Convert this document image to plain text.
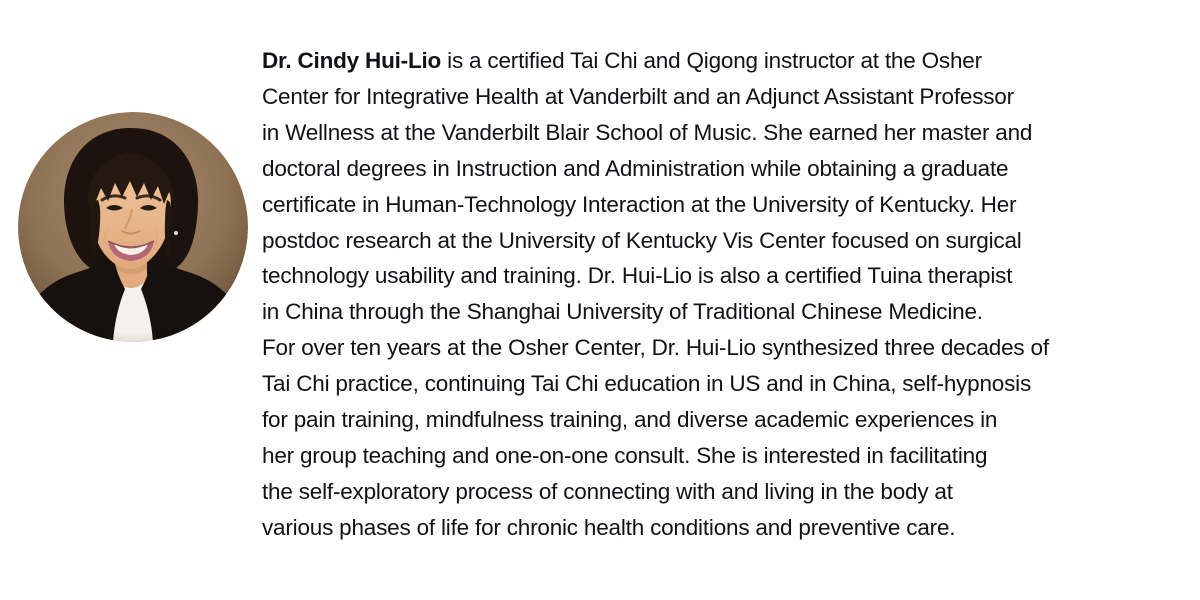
Dr. Cindy Hui-Lio is a certified Tai Chi and Qigong instructor at the Osher
Center for Integrative Health at Vanderbilt and an Adjunct Assistant Professor
in Wellness at the Vanderbilt Blair School of Music. She earned her master and
doctoral degrees in Instruction and Administration while obtaining a graduate
certificate in Human-Technology Interaction at the University of Kentucky. Her
postdoc research at the University of Kentucky Vis Center focused on surgical
technology usability and training. Dr. Hui-Lio is also a certified Tuina therapist
in China through the Shanghai University of Traditional Chinese Medicine.
For over ten years at the Osher Center, Dr. Hui-Lio synthesized three decades of
Tai Chi practice, continuing Tai Chi education in US and in China, self-hypnosis
for pain training, mindfulness training, and diverse academic experiences in
her group teaching and one-on-one consult. She is interested in facilitating
the self-exploratory process of connecting with and living in the body at
various phases of life for chronic health conditions and preventive care.
